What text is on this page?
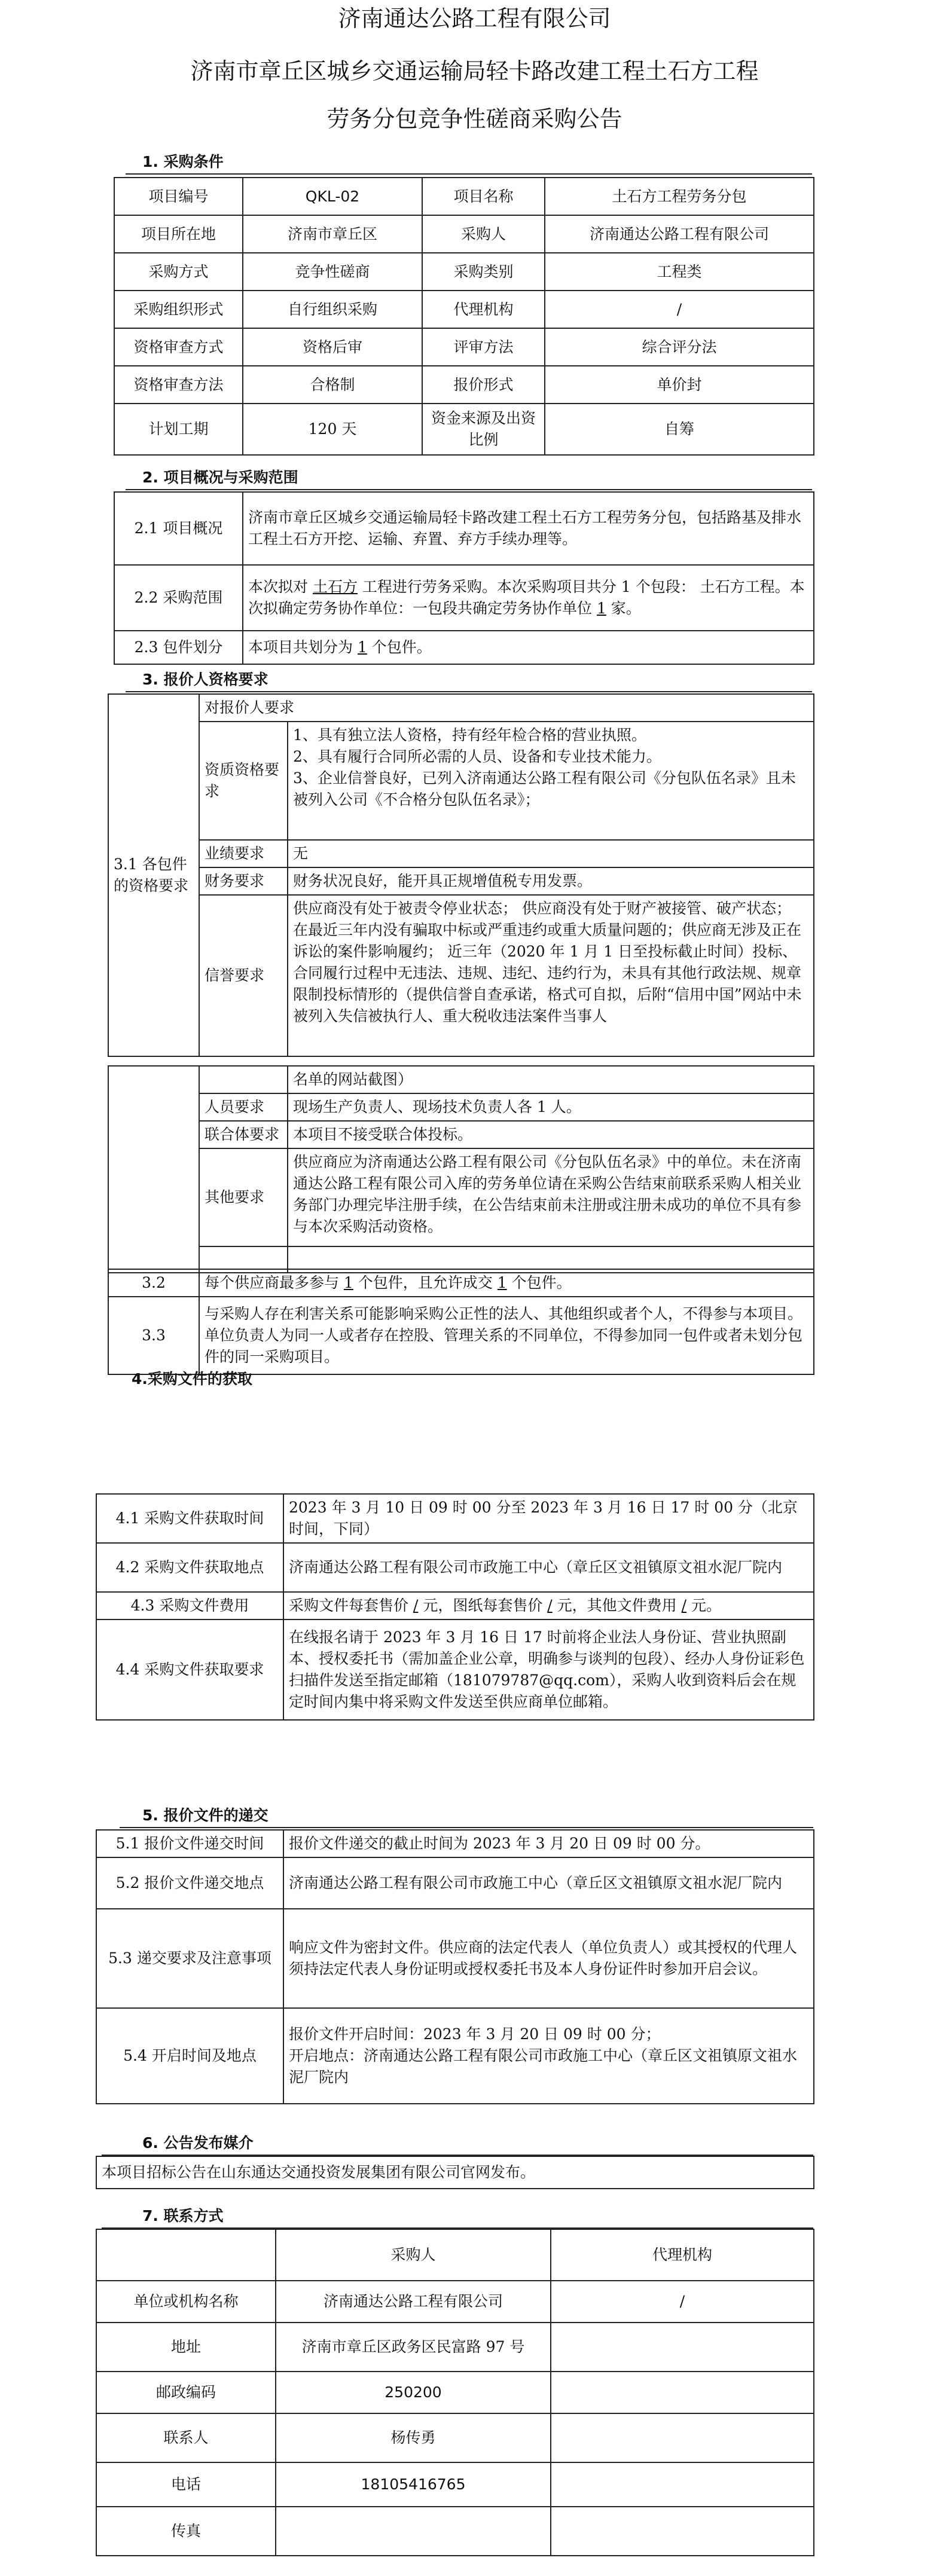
济南通达公路工程有限公司
济南市章丘区城乡交通运输局轻卡路改建工程土石方工程
劳务分包竞争性磋商采购公告
1. 采购条件
项目编号	QKL-02	项目名称	土石方工程劳务分包
项目所在地	济南市章丘区	采购人	济南通达公路工程有限公司
采购方式	竞争性磋商	采购类别	工程类
采购组织形式	自行组织采购	代理机构	/
资格审查方式	资格后审	评审方法	综合评分法
资格审查方法	合格制	报价形式	单价封
计划工期	120 天	资金来源及出资比例	自筹
2. 项目概况与采购范围
2.1 项目概况	济南市章丘区城乡交通运输局轻卡路改建工程土石方工程劳务分包，包括路基及排水工程土石方开挖、运输、弃置、弃方手续办理等。
2.2 采购范围	本次拟对 土石方 工程进行劳务采购。本次采购项目共分 1 个包段： 土石方工程。本次拟确定劳务协作单位：一包段共确定劳务协作单位 1 家。
2.3 包件划分	本项目共划分为 1 个包件。
3. 报价人资格要求
3.1 各包件的资格要求	对报价人要求	
	资质资格要求	1、具有独立法人资格，持有经年检合格的营业执照。
2、具有履行合同所必需的人员、设备和专业技术能力。
3、企业信誉良好，已列入济南通达公路工程有限公司《分包队伍名录》且未被列入公司《不合格分包队伍名录》；
	业绩要求	无
	财务要求	财务状况良好，能开具正规增值税专用发票。
	信誉要求	供应商没有处于被责令停业状态； 供应商没有处于财产被接管、破产状态； 在最近三年内没有骗取中标或严重违约或重大质量问题的；供应商无涉及正在诉讼的案件影响履约； 近三年（2020 年 1 月 1 日至投标截止时间）投标、合同履行过程中无违法、违规、违纪、违约行为，未具有其他行政法规、规章限制投标情形的（提供信誉自查承诺，格式可自拟，后附“信用中国”网站中未被列入失信被执行人、重大税收违法案件当事人
		名单的网站截图）
	人员要求	现场生产负责人、现场技术负责人各 1 人。
	联合体要求	本项目不接受联合体投标。
	其他要求	供应商应为济南通达公路工程有限公司《分包队伍名录》中的单位。未在济南通达公路工程有限公司入库的劳务单位请在采购公告结束前联系采购人相关业务部门办理完毕注册手续，在公告结束前未注册或注册未成功的单位不具有参与本次采购活动资格。

3.2	每个供应商最多参与 1 个包件，且允许成交 1 个包件。
3.3	与采购人存在利害关系可能影响采购公正性的法人、其他组织或者个人，不得参与本项目。单位负责人为同一人或者存在控股、管理关系的不同单位，不得参加同一包件或者未划分包件的同一采购项目。
4.采购文件的获取
4.1 采购文件获取时间	2023 年 3 月 10 日 09 时 00 分至 2023 年 3 月 16 日 17 时 00 分（北京时间，下同）
4.2 采购文件获取地点	济南通达公路工程有限公司市政施工中心（章丘区文祖镇原文祖水泥厂院内
4.3 采购文件费用	采购文件每套售价 / 元，图纸每套售价 / 元，其他文件费用 / 元。
4.4 采购文件获取要求	在线报名请于 2023 年 3 月 16 日 17 时前将企业法人身份证、营业执照副本、授权委托书（需加盖企业公章，明确参与谈判的包段）、经办人身份证彩色扫描件发送至指定邮箱（181079787@qq.com），采购人收到资料后会在规定时间内集中将采购文件发送至供应商单位邮箱。
5. 报价文件的递交
5.1 报价文件递交时间	报价文件递交的截止时间为 2023 年 3 月 20 日 09 时 00 分。
5.2 报价文件递交地点	济南通达公路工程有限公司市政施工中心（章丘区文祖镇原文祖水泥厂院内
5.3 递交要求及注意事项	响应文件为密封文件。供应商的法定代表人（单位负责人）或其授权的代理人须持法定代表人身份证明或授权委托书及本人身份证件时参加开启会议。
5.4 开启时间及地点	报价文件开启时间：2023 年 3 月 20 日 09 时 00 分；
开启地点：济南通达公路工程有限公司市政施工中心（章丘区文祖镇原文祖水泥厂院内
6. 公告发布媒介
本项目招标公告在山东通达交通投资发展集团有限公司官网发布。
7. 联系方式
	采购人	代理机构
单位或机构名称	济南通达公路工程有限公司	/
地址	济南市章丘区政务区民富路 97 号	
邮政编码	250200	
联系人	杨传勇	
电话	18105416765	
传真		
